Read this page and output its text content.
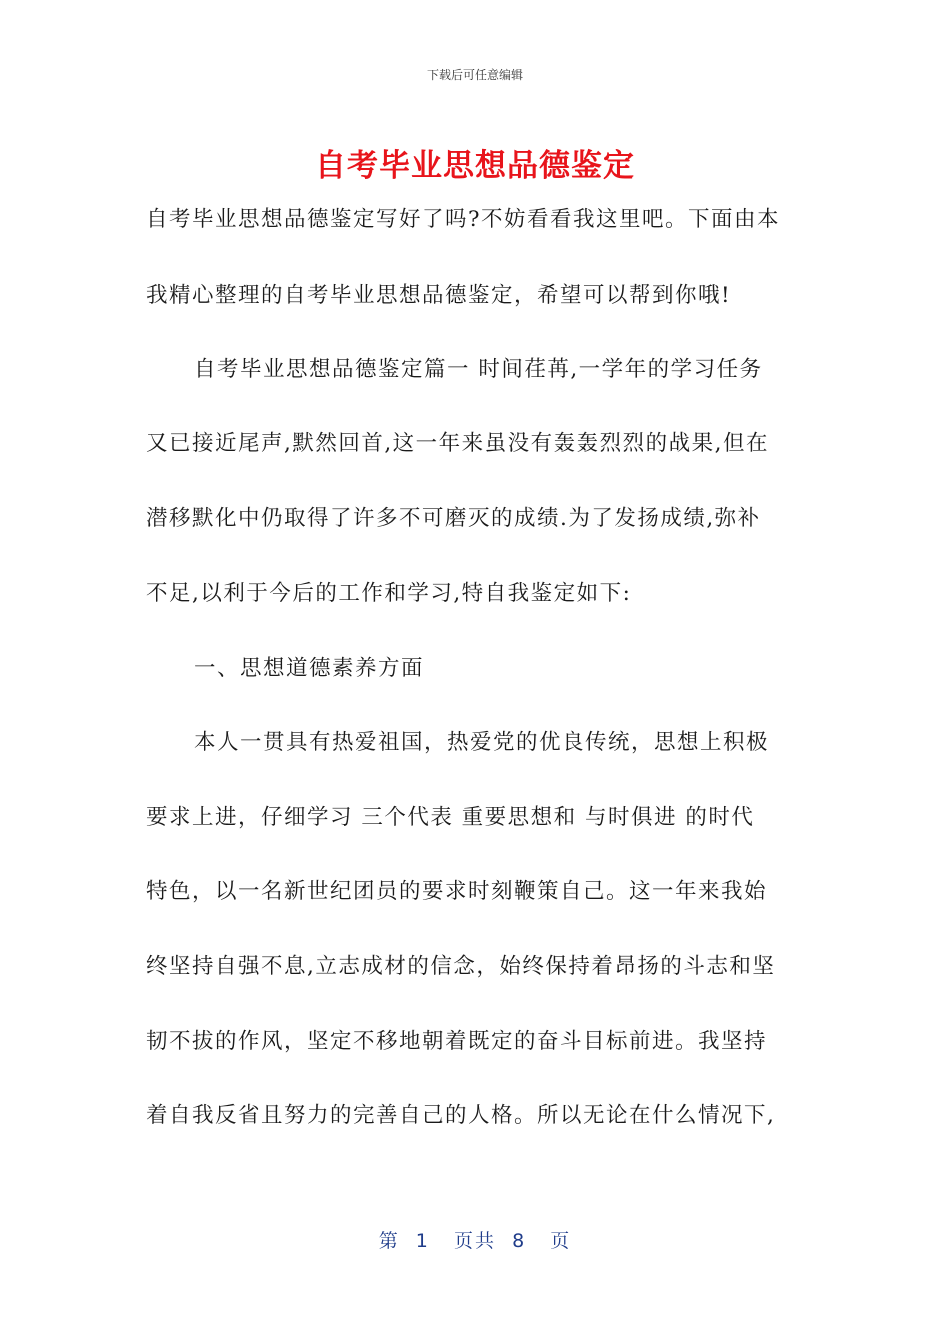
下载后可任意编辑
自考毕业思想品德鉴定
自考毕业思想品德鉴定写好了吗?不妨看看我这里吧。下面由本
我精心整理的自考毕业思想品德鉴定，希望可以帮到你哦!
自考毕业思想品德鉴定篇一 时间荏苒,一学年的学习任务
又已接近尾声,默然回首,这一年来虽没有轰轰烈烈的战果,但在
潜移默化中仍取得了许多不可磨灭的成绩.为了发扬成绩,弥补
不足,以利于今后的工作和学习,特自我鉴定如下:
一、思想道德素养方面
本人一贯具有热爱祖国，热爱党的优良传统，思想上积极
要求上进，仔细学习 三个代表 重要思想和 与时俱进 的时代
特色，以一名新世纪团员的要求时刻鞭策自己。这一年来我始
终坚持自强不息,立志成材的信念，始终保持着昂扬的斗志和坚
韧不拔的作风，坚定不移地朝着既定的奋斗目标前进。我坚持
着自我反省且努力的完善自己的人格。所以无论在什么情况下,
第  1   页共  8   页
